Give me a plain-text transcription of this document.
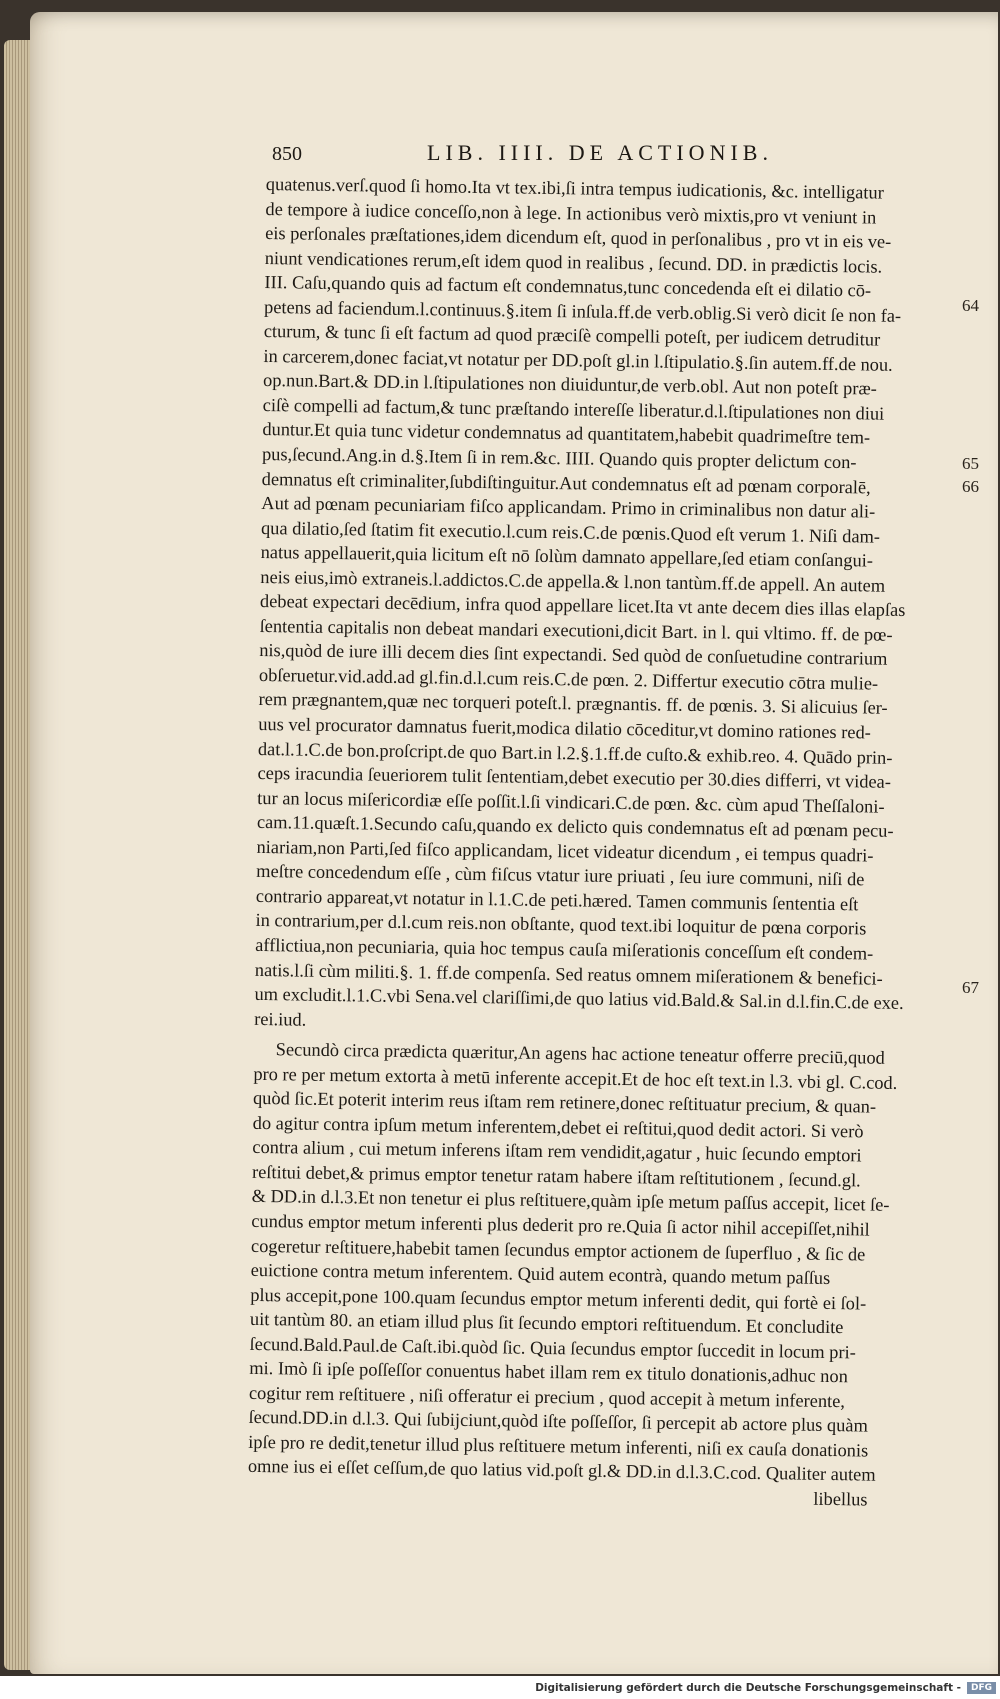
850	LIB. IIII. DE ACTIONIB.
quatenus.verſ.quod ſi homo.Ita vt tex.ibi,ſi intra tempus iudicationis, &c. intelligatur
de tempore à iudice conceſſo,non à lege. In actionibus verò mixtis,pro vt veniunt in
eis perſonales præſtationes,idem dicendum eſt, quod in perſonalibus , pro vt in eis ve-
niunt vendicationes rerum,eſt idem quod in realibus , ſecund. DD. in prædictis locis.
III. Caſu,quando quis ad factum eſt condemnatus,tunc concedenda eſt ei dilatio cō-
petens ad faciendum.l.continuus.§.item ſi inſula.ff.de verb.oblig.Si verò dicit ſe non fa-
cturum, & tunc ſi eſt factum ad quod præciſè compelli poteſt, per iudicem detruditur
in carcerem,donec faciat,vt notatur per DD.poſt gl.in l.ſtipulatio.§.ſin autem.ff.de nou.
op.nun.Bart.& DD.in l.ſtipulationes non diuiduntur,de verb.obl. Aut non poteſt præ-
ciſè compelli ad factum,& tunc præſtando intereſſe liberatur.d.l.ſtipulationes non diui
duntur.Et quia tunc videtur condemnatus ad quantitatem,habebit quadrimeſtre tem-
pus,ſecund.Ang.in d.§.Item ſi in rem.&c. IIII. Quando quis propter delictum con-
demnatus eſt criminaliter,ſubdiſtinguitur.Aut condemnatus eſt ad pœnam corporalē,
Aut ad pœnam pecuniariam fiſco applicandam. Primo in criminalibus non datur ali-
qua dilatio,ſed ſtatim fit executio.l.cum reis.C.de pœnis.Quod eſt verum 1. Niſi dam-
natus appellauerit,quia licitum eſt nō ſolùm damnato appellare,ſed etiam conſangui-
neis eius,imò extraneis.l.addictos.C.de appella.& l.non tantùm.ff.de appell. An autem
debeat expectari decēdium, infra quod appellare licet.Ita vt ante decem dies illas elapſas
ſententia capitalis non debeat mandari executioni,dicit Bart. in l. qui vltimo. ff. de pœ-
nis,quòd de iure illi decem dies ſint expectandi. Sed quòd de conſuetudine contrarium
obſeruetur.vid.add.ad gl.fin.d.l.cum reis.C.de pœn. 2. Differtur executio cōtra mulie-
rem prægnantem,quæ nec torqueri poteſt.l. prægnantis. ff. de pœnis. 3. Si alicuius ſer-
uus vel procurator damnatus fuerit,modica dilatio cōceditur,vt domino rationes red-
dat.l.1.C.de bon.proſcript.de quo Bart.in l.2.§.1.ff.de cuſto.& exhib.reo. 4. Quādo prin-
ceps iracundia ſeueriorem tulit ſententiam,debet executio per 30.dies differri, vt videa-
tur an locus miſericordiæ eſſe poſſit.l.ſi vindicari.C.de pœn. &c. cùm apud Theſſaloni-
cam.11.quæſt.1.Secundo caſu,quando ex delicto quis condemnatus eſt ad pœnam pecu-
niariam,non Parti,ſed fiſco applicandam, licet videatur dicendum , ei tempus quadri-
meſtre concedendum eſſe , cùm fiſcus vtatur iure priuati , ſeu iure communi, niſi de
contrario appareat,vt notatur in l.1.C.de peti.hæred. Tamen communis ſententia eſt
in contrarium,per d.l.cum reis.non obſtante, quod text.ibi loquitur de pœna corporis
afflictiua,non pecuniaria, quia hoc tempus cauſa miſerationis conceſſum eſt condem-
natis.l.ſi cùm militi.§. 1. ff.de compenſa. Sed reatus omnem miſerationem & benefici-
um excludit.l.1.C.vbi Sena.vel clariſſimi,de quo latius vid.Bald.& Sal.in d.l.fin.C.de exe.
rei.iud.
Secundò circa prædicta quæritur,An agens hac actione teneatur offerre preciū,quod
pro re per metum extorta à metū inferente accepit.Et de hoc eſt text.in l.3. vbi gl. C.cod.
quòd ſic.Et poterit interim reus iſtam rem retinere,donec reſtituatur precium, & quan-
do agitur contra ipſum metum inferentem,debet ei reſtitui,quod dedit actori. Si verò
contra alium , cui metum inferens iſtam rem vendidit,agatur , huic ſecundo emptori
reſtitui debet,& primus emptor tenetur ratam habere iſtam reſtitutionem , ſecund.gl.
& DD.in d.l.3.Et non tenetur ei plus reſtituere,quàm ipſe metum paſſus accepit, licet ſe-
cundus emptor metum inferenti plus dederit pro re.Quia ſi actor nihil accepiſſet,nihil
cogeretur reſtituere,habebit tamen ſecundus emptor actionem de ſuperfluo , & ſic de
euictione contra metum inferentem. Quid autem econtrà, quando metum paſſus
plus accepit,pone 100.quam ſecundus emptor metum inferenti dedit, qui fortè ei ſol-
uit tantùm 80. an etiam illud plus ſit ſecundo emptori reſtituendum. Et concludite
ſecund.Bald.Paul.de Caſt.ibi.quòd ſic. Quia ſecundus emptor ſuccedit in locum pri-
mi. Imò ſi ipſe poſſeſſor conuentus habet illam rem ex titulo donationis,adhuc non
cogitur rem reſtituere , niſi offeratur ei precium , quod accepit à metum inferente,
ſecund.DD.in d.l.3. Qui ſubijciunt,quòd iſte poſſeſſor, ſi percepit ab actore plus quàm
ipſe pro re dedit,tenetur illud plus reſtituere metum inferenti, niſi ex cauſa donationis
omne ius ei eſſet ceſſum,de quo latius vid.poſt gl.& DD.in d.l.3.C.cod. Qualiter autem
libellus
64
65
66
67
Digitalisierung gefördert durch die Deutsche Forschungsgemeinschaft -	DFG
